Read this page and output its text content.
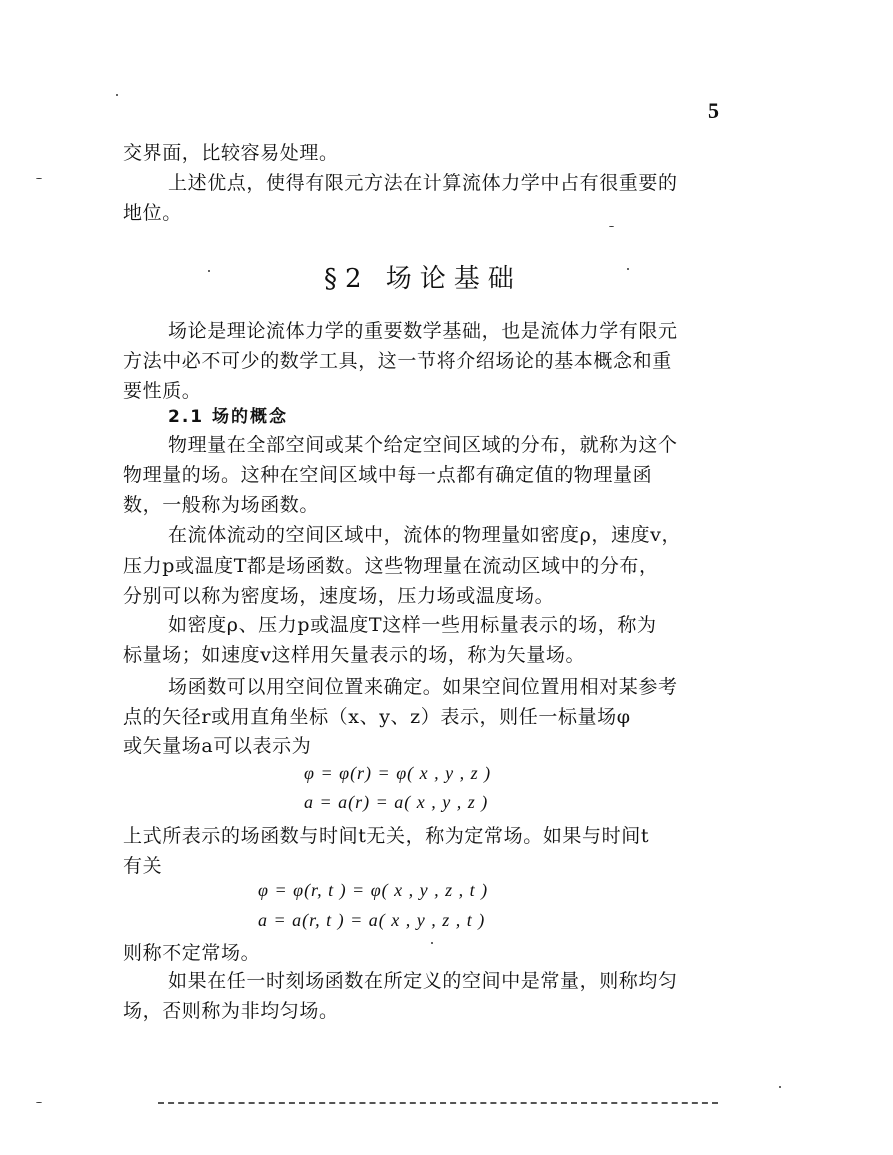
5
交界面，比较容易处理。
上述优点，使得有限元方法在计算流体力学中占有很重要的
地位。
§2 场论基础
场论是理论流体力学的重要数学基础，也是流体力学有限元
方法中必不可少的数学工具，这一节将介绍场论的基本概念和重
要性质。
2.1 场的概念
物理量在全部空间或某个给定空间区域的分布，就称为这个
物理量的场。这种在空间区域中每一点都有确定值的物理量函
数，一般称为场函数。
在流体流动的空间区域中，流体的物理量如密度ρ，速度v，
压力p或温度T都是场函数。这些物理量在流动区域中的分布，
分别可以称为密度场，速度场，压力场或温度场。
如密度ρ、压力p或温度T这样一些用标量表示的场，称为
标量场；如速度v这样用矢量表示的场，称为矢量场。
场函数可以用空间位置来确定。如果空间位置用相对某参考
点的矢径r或用直角坐标（x、y、z）表示，则任一标量场φ
或矢量场a可以表示为
φ = φ(r) = φ( x , y , z )
a = a(r) = a( x , y , z )
上式所表示的场函数与时间t无关，称为定常场。如果与时间t
有关
φ = φ(r, t ) = φ( x , y , z , t )
a = a(r, t ) = a( x , y , z , t )
则称不定常场。
如果在任一时刻场函数在所定义的空间中是常量，则称均匀
场，否则称为非均匀场。
